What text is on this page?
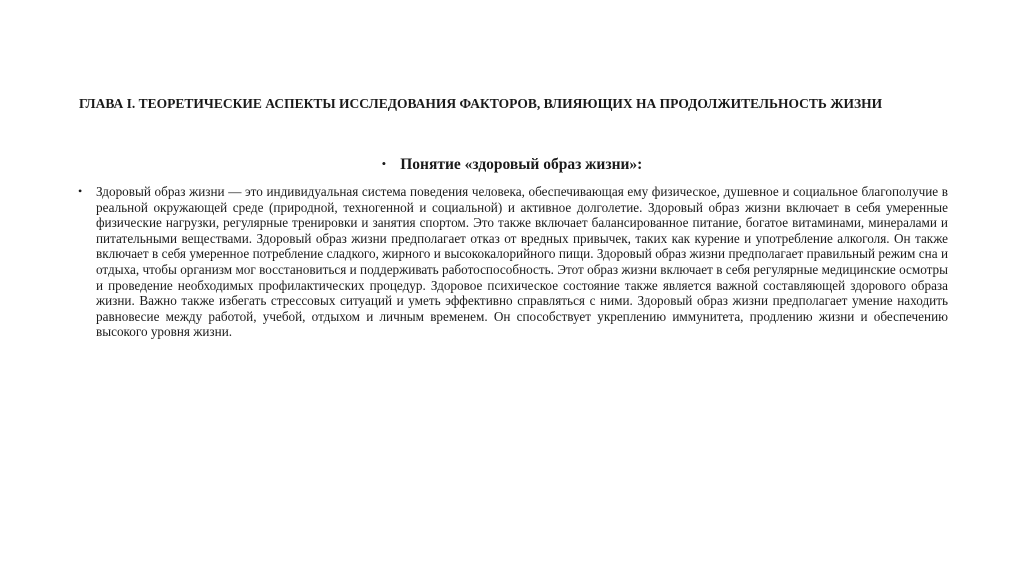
ГЛАВА I. ТЕОРЕТИЧЕСКИЕ АСПЕКТЫ ИССЛЕДОВАНИЯ ФАКТОРОВ, ВЛИЯЮЩИХ НА ПРОДОЛЖИТЕЛЬНОСТЬ ЖИЗНИ
• Понятие «здоровый образ жизни»:
• Здоровый образ жизни — это индивидуальная система поведения человека, обеспечивающая ему физическое, душевное и социальное благополучие в реальной окружающей среде (природной, техногенной и социальной) и активное долголетие. Здоровый образ жизни включает в себя умеренные физические нагрузки, регулярные тренировки и занятия спортом. Это также включает балансированное питание, богатое витаминами, минералами и питательными веществами. Здоровый образ жизни предполагает отказ от вредных привычек, таких как курение и употребление алкоголя. Он также включает в себя умеренное потребление сладкого, жирного и высококалорийного пищи. Здоровый образ жизни предполагает правильный режим сна и отдыха, чтобы организм мог восстановиться и поддерживать работоспособность. Этот образ жизни включает в себя регулярные медицинские осмотры и проведение необходимых профилактических процедур. Здоровое психическое состояние также является важной составляющей здорового образа жизни. Важно также избегать стрессовых ситуаций и уметь эффективно справляться с ними. Здоровый образ жизни предполагает умение находить равновесие между работой, учебой, отдыхом и личным временем. Он способствует укреплению иммунитета, продлению жизни и обеспечению высокого уровня жизни.
